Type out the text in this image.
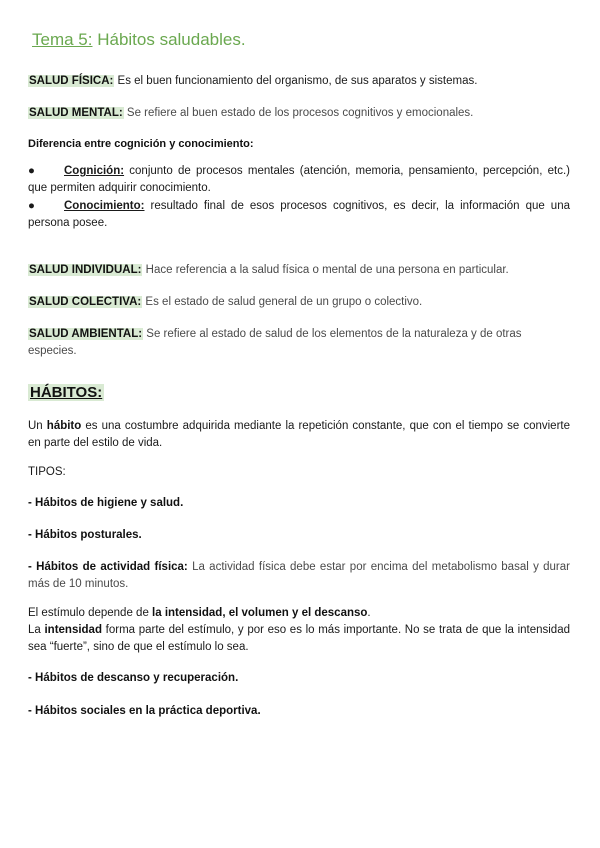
Tema 5: Hábitos saludables.
SALUD FÍSICA: Es el buen funcionamiento del organismo, de sus aparatos y sistemas.
SALUD MENTAL: Se refiere al buen estado de los procesos cognitivos y emocionales.
Diferencia entre cognición y conocimiento:
●	Cognición: conjunto de procesos mentales (atención, memoria, pensamiento, percepción, etc.) que permiten adquirir conocimiento.
●	Conocimiento: resultado final de esos procesos cognitivos, es decir, la información que una persona posee.
SALUD INDIVIDUAL: Hace referencia a la salud física o mental de una persona en particular.
SALUD COLECTIVA: Es el estado de salud general de un grupo o colectivo.
SALUD AMBIENTAL: Se refiere al estado de salud de los elementos de la naturaleza y de otras especies.
HÁBITOS:
Un hábito es una costumbre adquirida mediante la repetición constante, que con el tiempo se convierte en parte del estilo de vida.
TIPOS:
- Hábitos de higiene y salud.
- Hábitos posturales.
- Hábitos de actividad física: La actividad física debe estar por encima del metabolismo basal y durar más de 10 minutos.
El estímulo depende de la intensidad, el volumen y el descanso.
La intensidad forma parte del estímulo, y por eso es lo más importante. No se trata de que la intensidad sea “fuerte”, sino de que el estímulo lo sea.
- Hábitos de descanso y recuperación.
- Hábitos sociales en la práctica deportiva.
